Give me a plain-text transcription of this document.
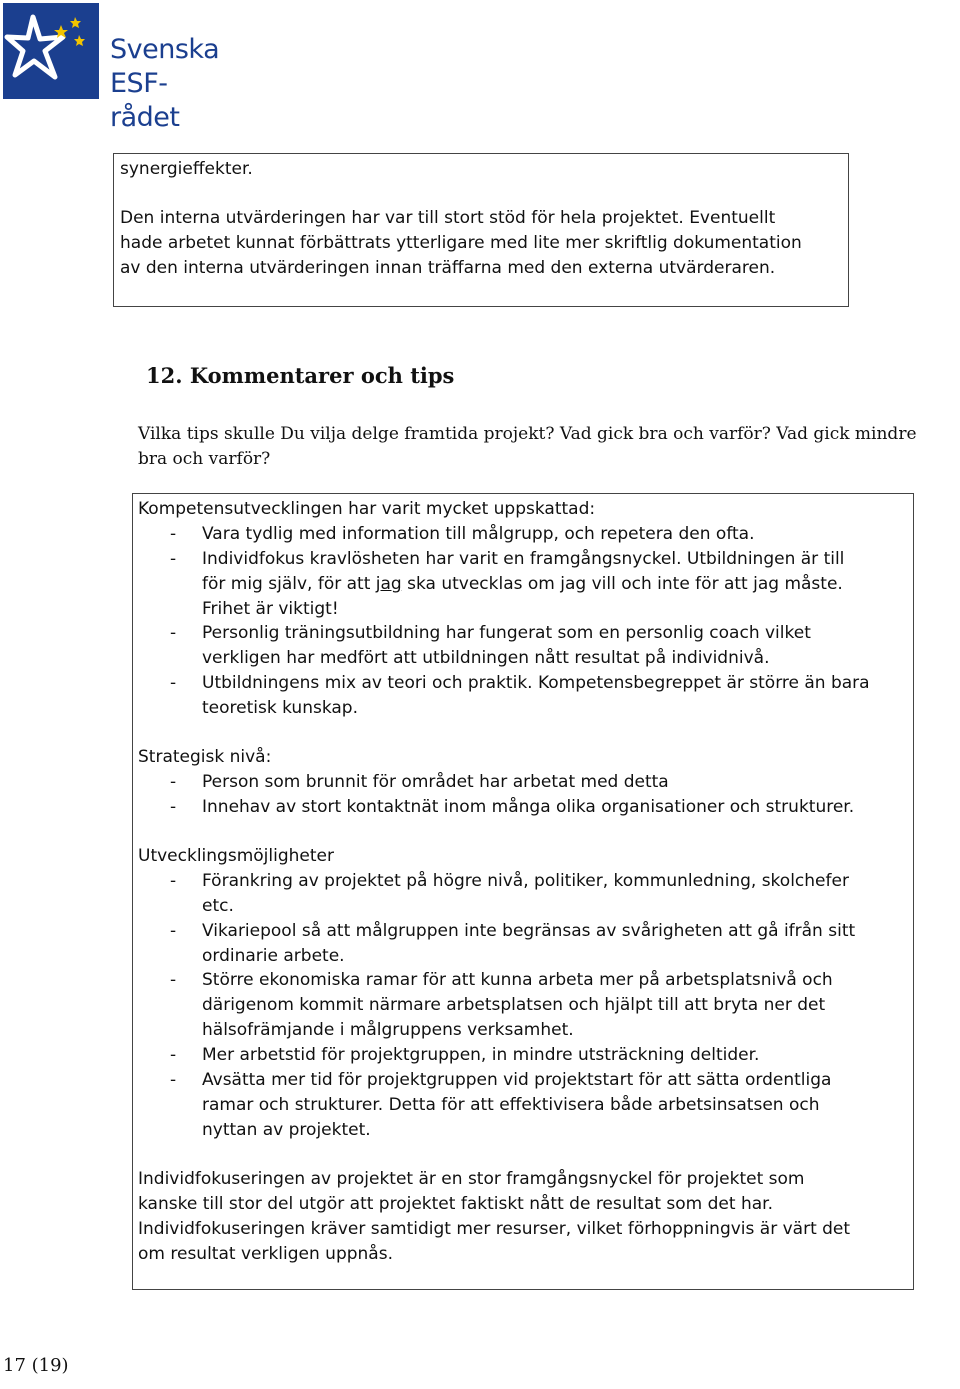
Svenska
ESF-rådet
synergieffekter.
Den interna utvärderingen har var till stort stöd för hela projektet. Eventuellt
hade arbetet kunnat förbättrats ytterligare med lite mer skriftlig dokumentation
av den interna utvärderingen innan träffarna med den externa utvärderaren.
12. Kommentarer och tips
Vilka tips skulle Du vilja delge framtida projekt? Vad gick bra och varför? Vad gick mindre bra och varför?
Kompetensutvecklingen har varit mycket uppskattad:
- Vara tydlig med information till målgrupp, och repetera den ofta.
- Individfokus kravlösheten har varit en framgångsnyckel. Utbildningen är till
för mig själv, för att jag ska utvecklas om jag vill och inte för att jag måste.
Frihet är viktigt!
- Personlig träningsutbildning har fungerat som en personlig coach vilket
verkligen har medfört att utbildningen nått resultat på individnivå.
- Utbildningens mix av teori och praktik. Kompetensbegreppet är större än bara
teoretisk kunskap.
Strategisk nivå:
- Person som brunnit för området har arbetat med detta
- Innehav av stort kontaktnät inom många olika organisationer och strukturer.
Utvecklingsmöjligheter
- Förankring av projektet på högre nivå, politiker, kommunledning, skolchefer
etc.
- Vikariepool så att målgruppen inte begränsas av svårigheten att gå ifrån sitt
ordinarie arbete.
- Större ekonomiska ramar för att kunna arbeta mer på arbetsplatsnivå och
därigenom kommit närmare arbetsplatsen och hjälpt till att bryta ner det
hälsofrämjande i målgruppens verksamhet.
- Mer arbetstid för projektgruppen, in mindre utsträckning deltider.
- Avsätta mer tid för projektgruppen vid projektstart för att sätta ordentliga
ramar och strukturer. Detta för att effektivisera både arbetsinsatsen och
nyttan av projektet.
Individfokuseringen av projektet är en stor framgångsnyckel för projektet som
kanske till stor del utgör att projektet faktiskt nått de resultat som det har.
Individfokuseringen kräver samtidigt mer resurser, vilket förhoppningvis är värt det
om resultat verkligen uppnås.
17 (19)
